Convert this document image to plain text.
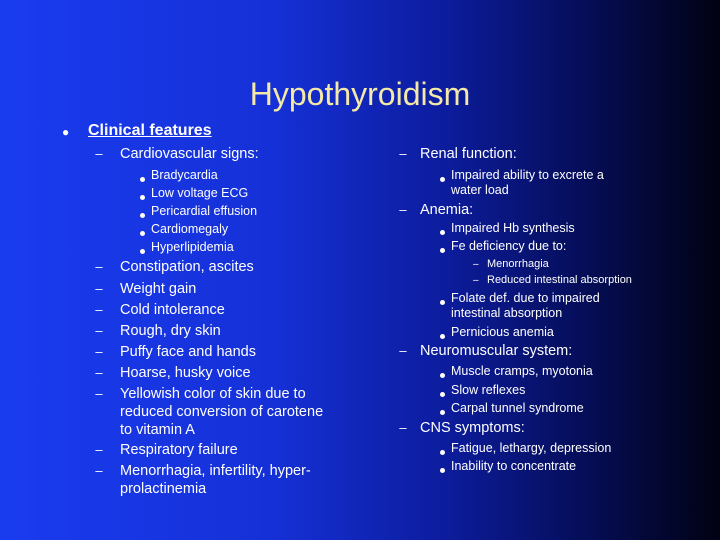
Hypothyroidism
● Clinical features
– Cardiovascular signs:
Bradycardia
Low voltage ECG
Pericardial effusion
Cardiomegaly
Hyperlipidemia
– Constipation, ascites
– Weight gain
– Cold intolerance
– Rough, dry skin
– Puffy face and hands
– Hoarse, husky voice
– Yellowish color of skin due to
reduced conversion of carotene
to vitamin A
– Respiratory failure
– Menorrhagia, infertility, hyper-
prolactinemia
– Renal function:
Impaired ability to excrete a
water load
– Anemia:
Impaired Hb synthesis
Fe deficiency due to:
– Menorrhagia
– Reduced intestinal absorption
Folate def. due to impaired
intestinal absorption
Pernicious anemia
– Neuromuscular system:
Muscle cramps, myotonia
Slow reflexes
Carpal tunnel syndrome
– CNS symptoms:
Fatigue, lethargy, depression
Inability to concentrate
